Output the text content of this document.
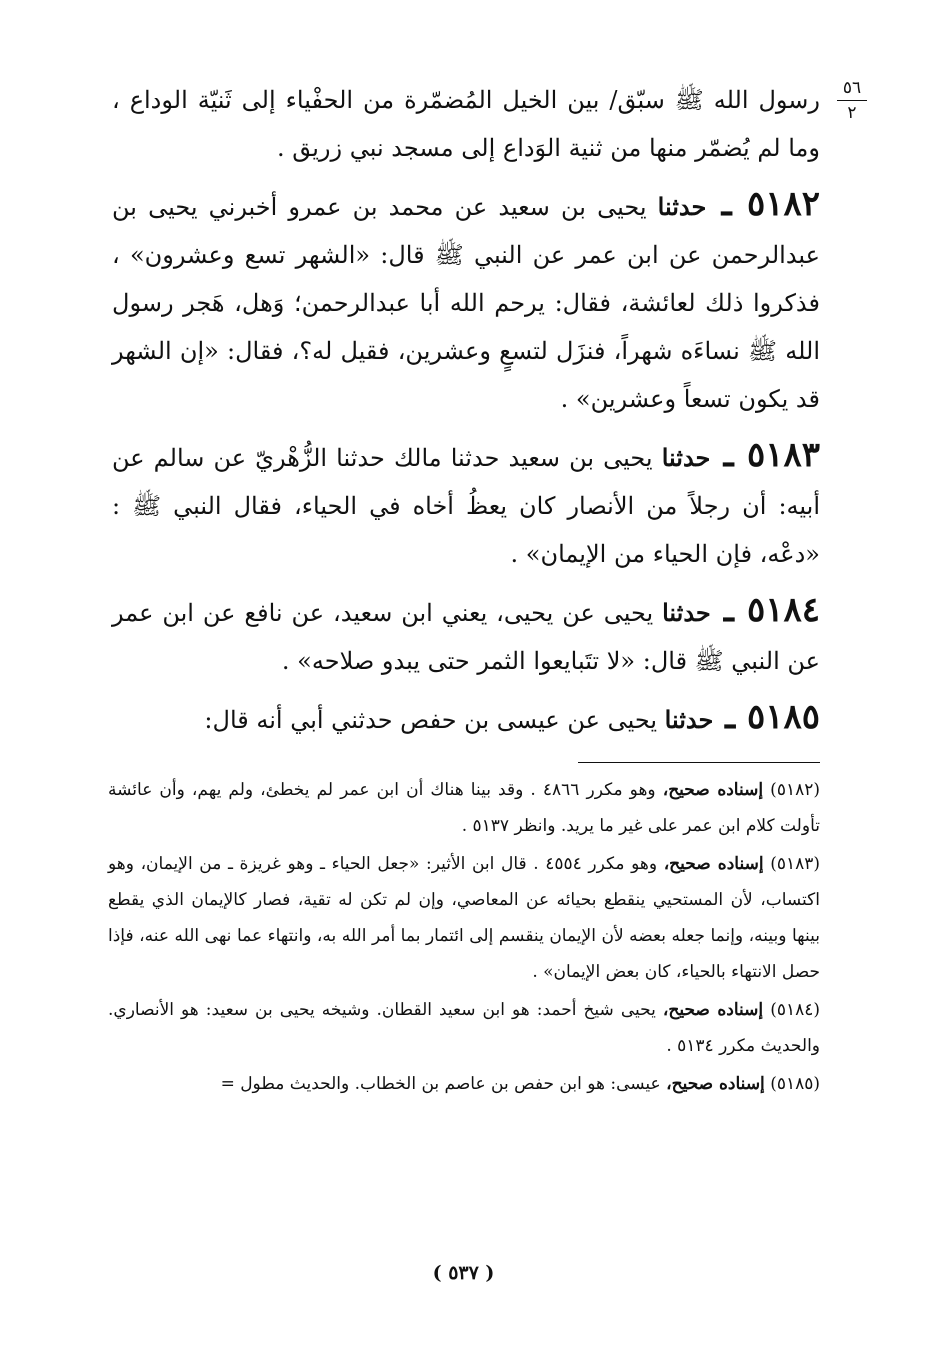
٥٦
٢

رسول الله ﷺ سبّق/ بين الخيل المُضمّرة من الحفْياء إلى ثَنيّة الوداع ، وما لم يُضمّر منها من ثنية الوَداع إلى مسجد نبي زريق .

٥١٨٢ ـ حدثنا يحيى بن سعيد عن محمد بن عمرو أخبرني يحيى بن عبدالرحمن عن ابن عمر عن النبي ﷺ قال: «الشهر تسع وعشرون» ، فذكروا ذلك لعائشة، فقال: يرحم الله أبا عبدالرحمن؛ وَهل، هَجر رسول الله ﷺ نساءَه شهراً، فنزَل لتسعٍ وعشرين، فقيل له؟، فقال: «إن الشهر قد يكون تسعاً وعشرين» .

٥١٨٣ ـ حدثنا يحيى بن سعيد حدثنا مالك حدثنا الزُّهْريّ عن سالم عن أبيه: أن رجلاً من الأنصار كان يعظُ أخاه في الحياء، فقال النبي ﷺ : «دعْه، فإن الحياء من الإيمان» .

٥١٨٤ ـ حدثنا يحيى عن يحيى، يعني ابن سعيد، عن نافع عن ابن عمر عن النبي ﷺ قال: «لا تتَبايعوا الثمر حتى يبدو صلاحه» .

٥١٨٥ ـ حدثنا يحيى عن عيسى بن حفص حدثني أبي أنه قال:

(٥١٨٢) إسناده صحيح، وهو مكرر ٤٨٦٦ . وقد بينا هناك أن ابن عمر لم يخطئ، ولم يهم، وأن عائشة تأولت كلام ابن عمر على غير ما يريد. وانظر ٥١٣٧ .

(٥١٨٣) إسناده صحيح، وهو مكرر ٤٥٥٤ . قال ابن الأثير: «جعل الحياء ـ وهو غريزة ـ من الإيمان، وهو اكتساب، لأن المستحيي ينقطع بحيائه عن المعاصي، وإن لم تكن له تقية، فصار كالإيمان الذي يقطع بينها وبينه، وإنما جعله بعضه لأن الإيمان ينقسم إلى ائتمار بما أمر الله به، وانتهاء عما نهى الله عنه، فإذا حصل الانتهاء بالحياء، كان بعض الإيمان» .

(٥١٨٤) إسناده صحيح، يحيى شيخ أحمد: هو ابن سعيد القطان. وشيخه يحيى بن سعيد: هو الأنصاري. والحديث مكرر ٥١٣٤ .

(٥١٨٥) إسناده صحيح، عيسى: هو ابن حفص بن عاصم بن الخطاب. والحديث مطول =

( ٥٣٧ )
